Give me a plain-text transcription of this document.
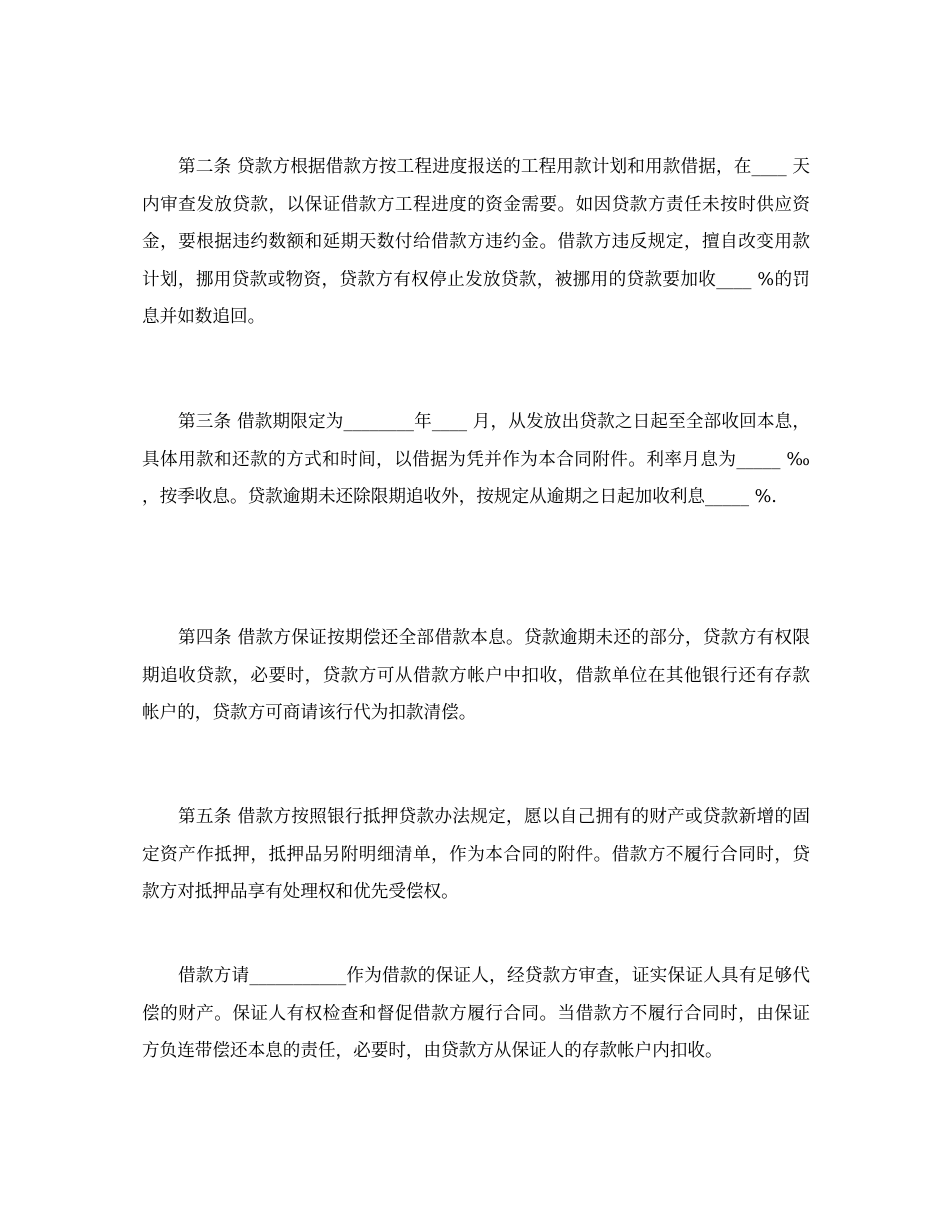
第二条 贷款方根据借款方按工程进度报送的工程用款计划和用款借据，在____ 天内审查发放贷款，以保证借款方工程进度的资金需要。如因贷款方责任未按时供应资金，要根据违约数额和延期天数付给借款方违约金。借款方违反规定，擅自改变用款计划，挪用贷款或物资，贷款方有权停止发放贷款，被挪用的贷款要加收____ %的罚息并如数追回。

第三条 借款期限定为________年____ 月，从发放出贷款之日起至全部收回本息，具体用款和还款的方式和时间，以借据为凭并作为本合同附件。利率月息为_____ ‰ ，按季收息。贷款逾期未还除限期追收外，按规定从逾期之日起加收利息_____ %.

第四条 借款方保证按期偿还全部借款本息。贷款逾期未还的部分，贷款方有权限期追收贷款，必要时，贷款方可从借款方帐户中扣收，借款单位在其他银行还有存款帐户的，贷款方可商请该行代为扣款清偿。

第五条 借款方按照银行抵押贷款办法规定，愿以自己拥有的财产或贷款新增的固定资产作抵押，抵押品另附明细清单，作为本合同的附件。借款方不履行合同时，贷款方对抵押品享有处理权和优先受偿权。

借款方请___________作为借款的保证人，经贷款方审查，证实保证人具有足够代偿的财产。保证人有权检查和督促借款方履行合同。当借款方不履行合同时，由保证方负连带偿还本息的责任，必要时，由贷款方从保证人的存款帐户内扣收。
